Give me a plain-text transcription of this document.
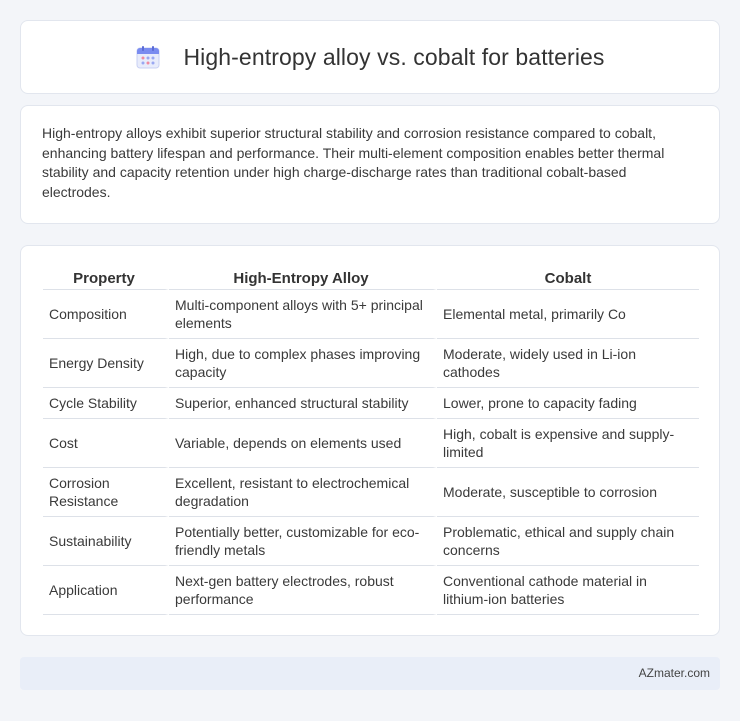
High-entropy alloy vs. cobalt for batteries

High-entropy alloys exhibit superior structural stability and corrosion resistance compared to cobalt, enhancing battery lifespan and performance. Their multi-element composition enables better thermal stability and capacity retention under high charge-discharge rates than traditional cobalt-based electrodes.

Property	High-Entropy Alloy	Cobalt
Composition	Multi-component alloys with 5+ principal elements	Elemental metal, primarily Co
Energy Density	High, due to complex phases improving capacity	Moderate, widely used in Li-ion cathodes
Cycle Stability	Superior, enhanced structural stability	Lower, prone to capacity fading
Cost	Variable, depends on elements used	High, cobalt is expensive and supply-limited
Corrosion Resistance	Excellent, resistant to electrochemical degradation	Moderate, susceptible to corrosion
Sustainability	Potentially better, customizable for eco-friendly metals	Problematic, ethical and supply chain concerns
Application	Next-gen battery electrodes, robust performance	Conventional cathode material in lithium-ion batteries
AZmater.com
